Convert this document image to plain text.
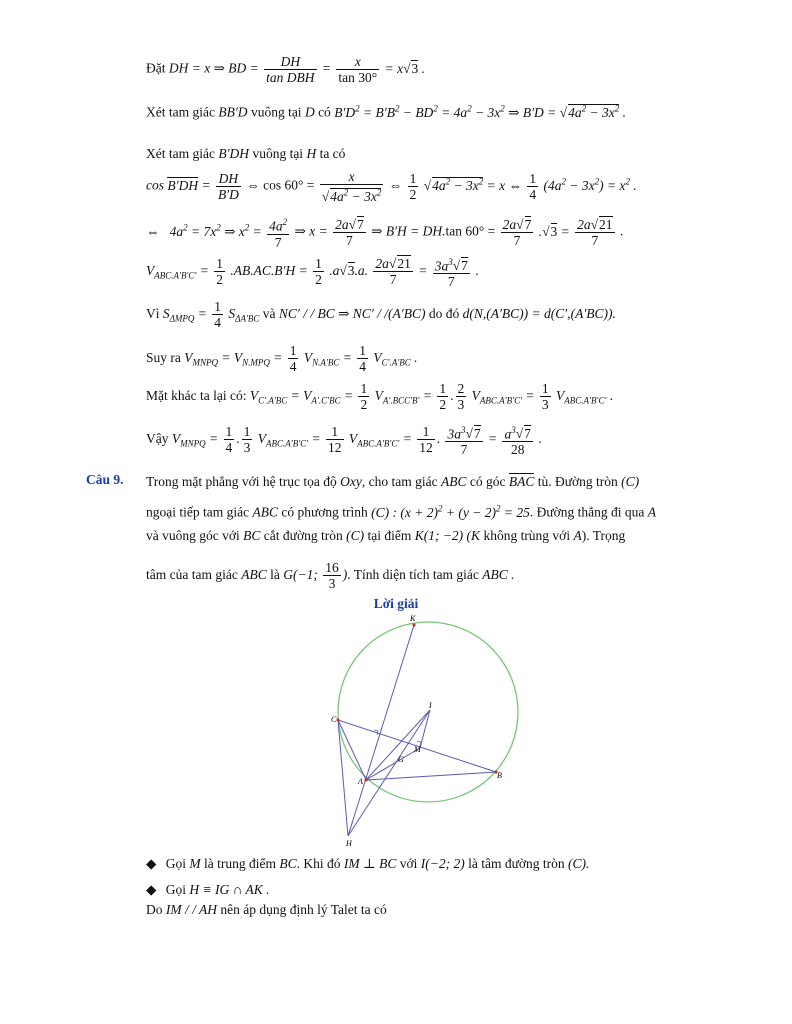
Đặt DH = x ⇒ BD = $\frac{DH}{\text{tan DBH}} = \frac{x}{\tan 30^\circ} = x√$ 3 .
Xét tam giác BB′D vuông tại D có $B'D^2 = B'B^2 - BD^2 = 4a^2 - 3x^2$ ⇒ B′D = √ $4a^2 - 3x^2$ .
Xét tam giác B′DH vuông tại H ta có
$\cos B'DH = \frac{DH}{B'D}$ ⇔ cos 60° = x
√ $4a^2 - 3x^2$ ⇔ $\frac{1}{2}$
√ $4a^2 - 3x^2 = x$ ⇔ $\frac{1}{4} (4a^2 - 3x^2) = x^2$ .
⇔   $4a^2 = 7x^2$ ⇒ $x^2 = \frac{4a^2}{7}$ ⇒ $x = \frac{2a√ 7}{7}$ ⇒ B′H = DH.tan $60^\circ = \frac{2a√ 7}{7}$ .√ $3 = \frac{2a√ 21}{7}$ .
$V_{ABC.A'B'C'} = \frac{1}{2} .AB.AC.B'H = \frac{1}{2} .a√$ 3.a. $\frac{2a√ 21}{7} = \frac{3a^3√ 7}{7}$ .
Vì $S_{\Delta MPQ} = \frac{1}{4} S_{\Delta A'BC}$ và NC′ / / BC ⇒ NC′ / /(A′BC) do đó d(N,(A′BC)) = d(C′,(A′BC)).
Suy ra $V_{MNPQ} = V_{N.MPQ} = \frac{1}{4} V_{N.A'BC} = \frac{1}{4} V_{C'.A'BC}$ .
Mặt khác ta lại có: $V_{C'.A'BC} = V_{A'.C'BC} = \frac{1}{2} V_{A'.BCC'B'} = \frac{1}{2}$ . $\frac{2}{3} V_{ABC.A'B'C'} = \frac{1}{3} V_{ABC.A'B'C'}$ .
Vậy $V_{MNPQ} = \frac{1}{4}$ . $\frac{1}{3} V_{ABC.A'B'C'} = \frac{1}{12} V_{ABC.A'B'C'} = \frac{1}{12}$ . $\frac{3a^3√ 7}{7} = \frac{a^3√ 7}{28}$ .
Câu 9. Trong mặt phẳng với hệ trục tọa độ Oxy, cho tam giác ABC có góc BAC tù. Đường tròn (C)
ngoại tiếp tam giác ABC có phương trình (C) : $(x + 2)^2 + (y - 2)^2 = 25$. Đường thẳng đi qua A
và vuông góc với BC cắt đường tròn (C) tại điểm K(1; −2) (K không trùng với A). Trọng
tâm của tam giác ABC là G(−1; $\frac{16}{3}$ ). Tính diện tích tam giác ABC .
Lời giải
K
C
I
M
G
A
B
H
◆ Gọi M là trung điểm BC. Khi đó IM ⊥ BC với I(−2; 2) là tâm đường tròn (C).
◆ Gọi H ≡ IG ∩ AK .
Do IM / / AH nên áp dụng định lý Talet ta có
